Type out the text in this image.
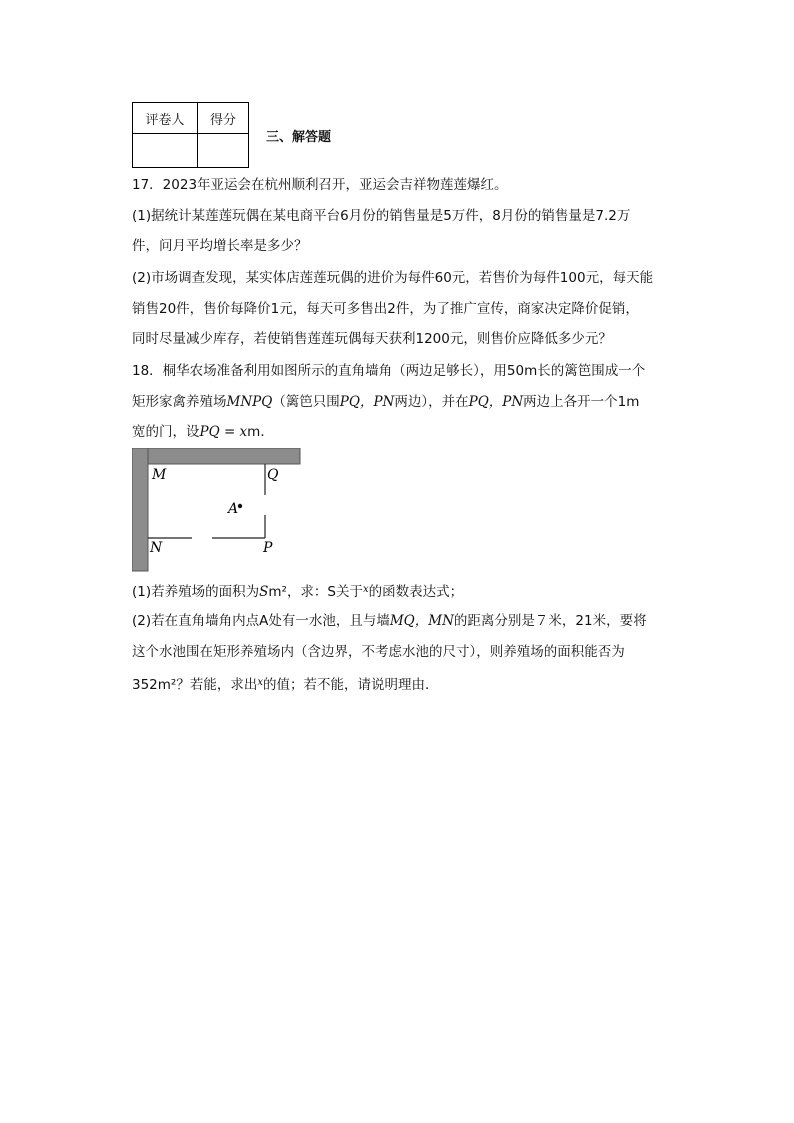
评卷人	得分

三、解答题
17．2023年亚运会在杭州顺利召开，亚运会吉祥物莲莲爆红。
(1)据统计某莲莲玩偶在某电商平台6月份的销售量是5万件，8月份的销售量是7.2万
件，问月平均增长率是多少？
(2)市场调查发现，某实体店莲莲玩偶的进价为每件60元，若售价为每件100元，每天能
销售20件，售价每降价1元，每天可多售出2件，为了推广宣传，商家决定降价促销，
同时尽量减少库存，若使销售莲莲玩偶每天获利1200元，则售价应降低多少元？
18．桐华农场准备利用如图所示的直角墙角（两边足够长），用50m长的篱笆围成一个
矩形家禽养殖场MNPQ（篱笆只围PQ，PN两边），并在PQ，PN两边上各开一个1m
宽的门，设PQ = xm．
M	Q
A
N	P
(1)若养殖场的面积为Sm²，求：S关于$^x$的函数表达式；
(2)若在直角墙角内点A处有一水池，且与墙MQ，MN的距离分别是７米，21米，要将
这个水池围在矩形养殖场内（含边界，不考虑水池的尺寸），则养殖场的面积能否为
352m²？若能，求出$^x$的值；若不能，请说明理由．
